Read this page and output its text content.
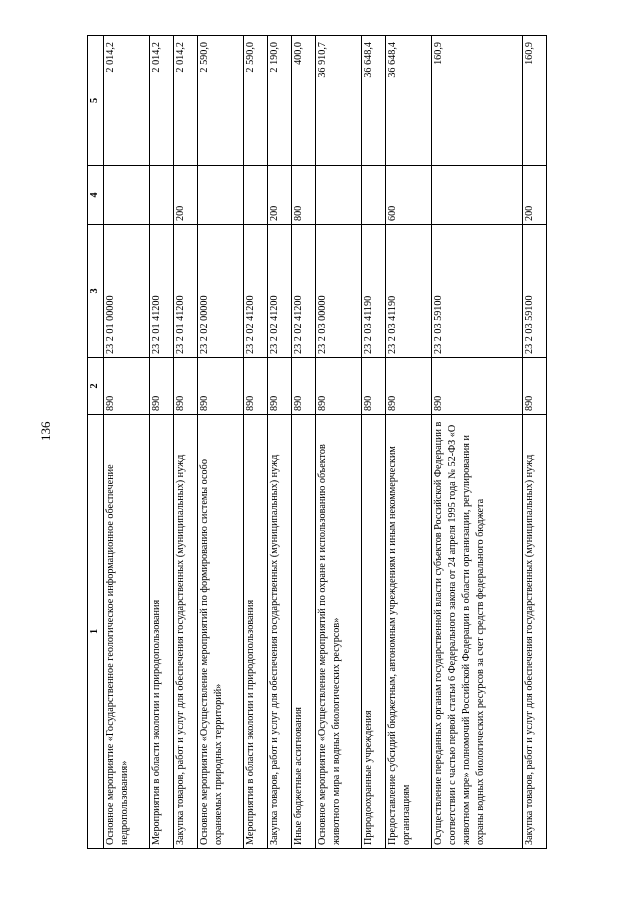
136
1	2	3	4	5
Основное мероприятие «Государственное геологическое информационное обеспечение недропользования»	890	23 2 01 00000		2 014,2
Мероприятия в области экологии и природопользования	890	23 2 01 41200		2 014,2
Закупка товаров, работ и услуг для обеспечения государственных (муниципальных) нужд	890	23 2 01 41200	200	2 014,2
Основное мероприятие «Осуществление мероприятий по формированию системы особо охраняемых природных территорий»	890	23 2 02 00000		2 590,0
Мероприятия в области экологии и природопользования	890	23 2 02 41200		2 590,0
Закупка товаров, работ и услуг для обеспечения государственных (муниципальных) нужд	890	23 2 02 41200	200	2 190,0
Иные бюджетные ассигнования	890	23 2 02 41200	800	400,0
Основное мероприятие «Осуществление мероприятий по охране и использованию объектов животного мира и водных биологических ресурсов»	890	23 2 03 00000		36 910,7
Природоохранные учреждения	890	23 2 03 41190		36 648,4
Предоставление субсидий бюджетным, автономным учреждениям и иным некоммерческим организациям	890	23 2 03 41190	600	36 648,4
Осуществление переданных органам государственной власти субъектов Российской Федерации в соответствии с частью первой статьи 6 Федерального закона от 24 апреля 1995 года № 52-ФЗ «О животном мире» полномочий Российской Федерации в области организации, регулирования и охраны водных биологических ресурсов за счет средств федерального бюджета	890	23 2 03 59100		160,9
Закупка товаров, работ и услуг для обеспечения государственных (муниципальных) нужд	890	23 2 03 59100	200	160,9
